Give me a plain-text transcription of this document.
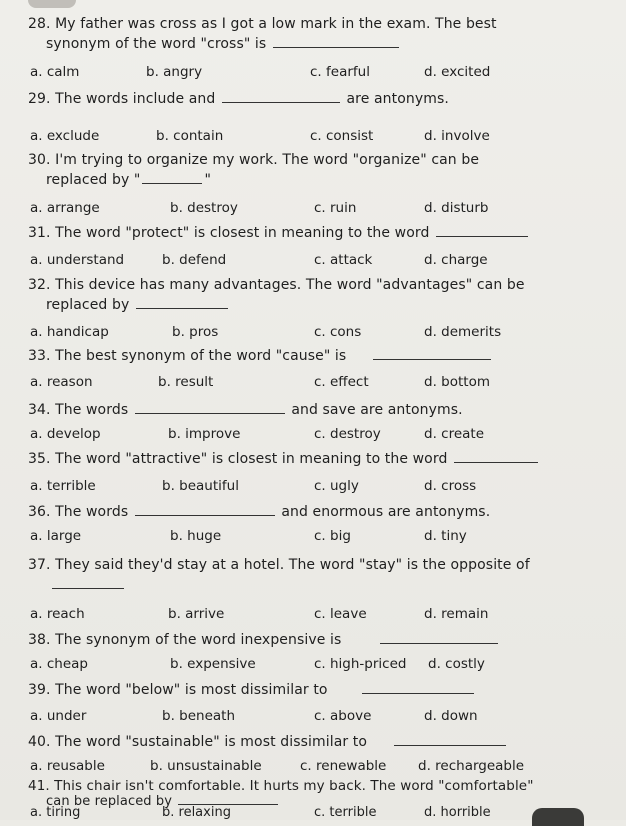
28. My father was cross as I got a low mark in the exam. The best
synonym of the word "cross" is
a. calm	b. angry	c. fearful	d. excited
29. The words include and	are antonyms.
a. exclude	b. contain	c. consist	d. involve
30. I'm trying to organize my work. The word "organize" can be
replaced by "	"
a. arrange	b. destroy	c. ruin	d. disturb
31. The word "protect" is closest in meaning to the word
a. understand	b. defend	c. attack	d. charge
32. This device has many advantages. The word "advantages" can be
replaced by
a. handicap	b. pros	c. cons	d. demerits
33. The best synonym of the word "cause" is
a. reason	b. result	c. effect	d. bottom
34. The words	and save are antonyms.
a. develop	b. improve	c. destroy	d. create
35. The word "attractive" is closest in meaning to the word
a. terrible	b. beautiful	c. ugly	d. cross
36. The words	and enormous are antonyms.
a. large	b. huge	c. big	d. tiny
37. They said they'd stay at a hotel. The word "stay" is the opposite of
a. reach	b. arrive	c. leave	d. remain
38. The synonym of the word inexpensive is
a. cheap	b. expensive	c. high-priced d. costly
39. The word "below" is most dissimilar to
a. under	b. beneath	c. above	d. down
40. The word "sustainable" is most dissimilar to
a. reusable	b. unsustainable	c. renewable d. rechargeable
41. This chair isn't comfortable. It hurts my back. The word "comfortable"
can be replaced by
a. tiring	b. relaxing	c. terrible	d. horrible
